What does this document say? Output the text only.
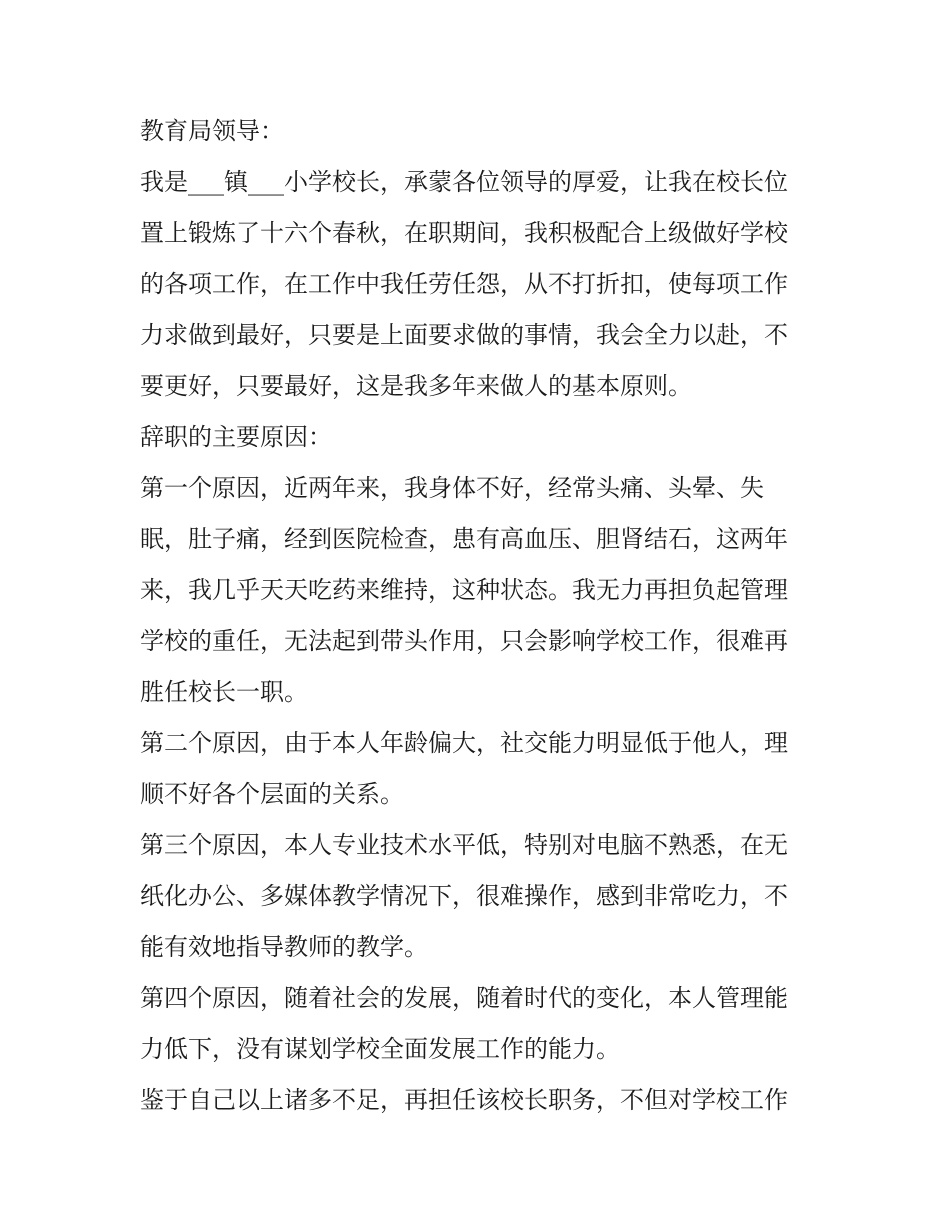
教育局领导：
我是___镇___小学校长，承蒙各位领导的厚爱，让我在校长位
置上锻炼了十六个春秋，在职期间，我积极配合上级做好学校
的各项工作，在工作中我任劳任怨，从不打折扣，使每项工作
力求做到最好，只要是上面要求做的事情，我会全力以赴，不
要更好，只要最好，这是我多年来做人的基本原则。
辞职的主要原因：
第一个原因，近两年来，我身体不好，经常头痛、头晕、失
眠，肚子痛，经到医院检查，患有高血压、胆肾结石，这两年
来，我几乎天天吃药来维持，这种状态。我无力再担负起管理
学校的重任，无法起到带头作用，只会影响学校工作，很难再
胜任校长一职。
第二个原因，由于本人年龄偏大，社交能力明显低于他人，理
顺不好各个层面的关系。
第三个原因，本人专业技术水平低，特别对电脑不熟悉，在无
纸化办公、多媒体教学情况下，很难操作，感到非常吃力，不
能有效地指导教师的教学。
第四个原因，随着社会的发展，随着时代的变化，本人管理能
力低下，没有谋划学校全面发展工作的能力。
鉴于自己以上诸多不足，再担任该校长职务，不但对学校工作
